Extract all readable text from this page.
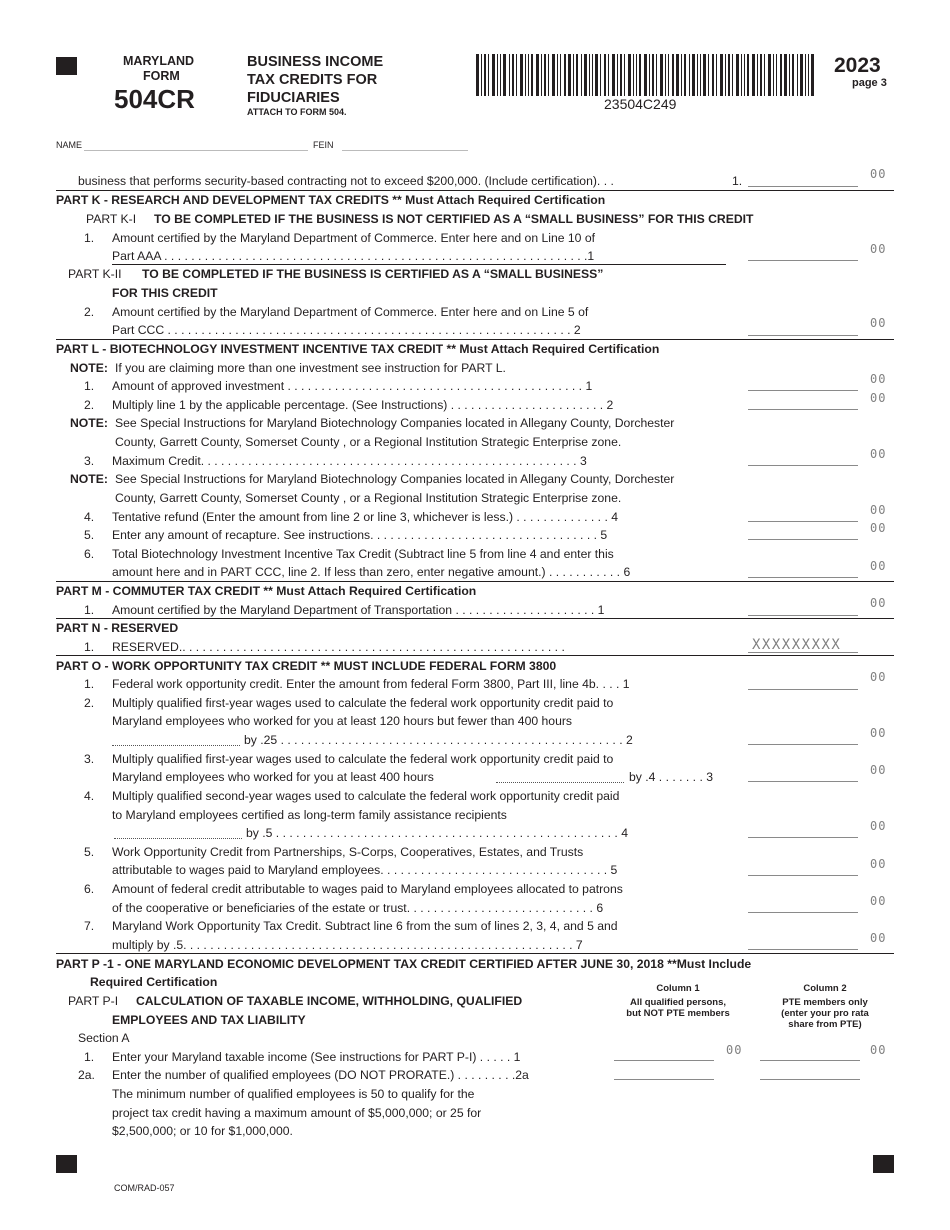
MARYLAND
FORM
504CR
BUSINESS INCOME
TAX CREDITS FOR
FIDUCIARIES
ATTACH TO FORM 504.	23504C249
2023
page 3
NAME	FEIN
business that performs security-based contracting not to exceed $200,000. (Include certification). . .	1.	00
PART K - RESEARCH AND DEVELOPMENT TAX CREDITS ** Must Attach Required Certification
PART K-I TO BE COMPLETED IF THE BUSINESS IS NOT CERTIFIED AS A “SMALL BUSINESS” FOR THIS CREDIT
1. Amount certified by the Maryland Department of Commerce. Enter here and on Line 10 of
Part AAA . . . . . . . . . . . . . . . . . . . . . . . . . . . . . . . . . . . . . . . . . . . . . . . . . . . . . . . . . . . . . . .1	00
PART K-II TO BE COMPLETED IF THE BUSINESS IS CERTIFIED AS A “SMALL BUSINESS”
FOR THIS CREDIT
2. Amount certified by the Maryland Department of Commerce. Enter here and on Line 5 of
Part CCC . . . . . . . . . . . . . . . . . . . . . . . . . . . . . . . . . . . . . . . . . . . . . . . . . . . . . . . . . . . . 2	00
PART L - BIOTECHNOLOGY INVESTMENT INCENTIVE TAX CREDIT ** Must Attach Required Certification
NOTE: If you are claiming more than one investment see instruction for PART L.
1. Amount of approved investment . . . . . . . . . . . . . . . . . . . . . . . . . . . . . . . . . . . . . . . . . . . . 1	00
2. Multiply line 1 by the applicable percentage. (See Instructions) . . . . . . . . . . . . . . . . . . . . . . . 2	00
NOTE: See Special Instructions for Maryland Biotechnology Companies located in Allegany County, Dorchester
County, Garrett County, Somerset County , or a Regional Institution Strategic Enterprise zone.
3. Maximum Credit. . . . . . . . . . . . . . . . . . . . . . . . . . . . . . . . . . . . . . . . . . . . . . . . . . . . . . . . 3	00
NOTE: See Special Instructions for Maryland Biotechnology Companies located in Allegany County, Dorchester
County, Garrett County, Somerset County , or a Regional Institution Strategic Enterprise zone.
4. Tentative refund (Enter the amount from line 2 or line 3, whichever is less.) . . . . . . . . . . . . . . 4	00
5. Enter any amount of recapture. See instructions. . . . . . . . . . . . . . . . . . . . . . . . . . . . . . . . . . 5	00
6. Total Biotechnology Investment Incentive Tax Credit (Subtract line 5 from line 4 and enter this
amount here and in PART CCC, line 2. If less than zero, enter negative amount.) . . . . . . . . . . . 6	00
PART M - COMMUTER TAX CREDIT ** Must Attach Required Certification
1. Amount certified by the Maryland Department of Transportation . . . . . . . . . . . . . . . . . . . . . 1	00
PART N - RESERVED
1. RESERVED.. . . . . . . . . . . . . . . . . . . . . . . . . . . . . . . . . . . . . . . . . . . . . . . . . . . . . . . . .	XXXXXXXXX
PART O - WORK OPPORTUNITY TAX CREDIT ** MUST INCLUDE FEDERAL FORM 3800
1. Federal work opportunity credit. Enter the amount from federal Form 3800, Part III, line 4b. . . . 1	00
2. Multiply qualified first-year wages used to calculate the federal work opportunity credit paid to
Maryland employees who worked for you at least 120 hours but fewer than 400 hours
by .25 . . . . . . . . . . . . . . . . . . . . . . . . . . . . . . . . . . . . . . . . . . . . . . . . . . . 2	00
3. Multiply qualified first-year wages used to calculate the federal work opportunity credit paid to
Maryland employees who worked for you at least 400 hours	by .4 . . . . . . . 3	00
4. Multiply qualified second-year wages used to calculate the federal work opportunity credit paid
to Maryland employees certified as long-term family assistance recipients
by .5 . . . . . . . . . . . . . . . . . . . . . . . . . . . . . . . . . . . . . . . . . . . . . . . . . . . 4	00
5. Work Opportunity Credit from Partnerships, S-Corps, Cooperatives, Estates, and Trusts
attributable to wages paid to Maryland employees. . . . . . . . . . . . . . . . . . . . . . . . . . . . . . . . . . 5	00
6. Amount of federal credit attributable to wages paid to Maryland employees allocated to patrons
of the cooperative or beneficiaries of the estate or trust. . . . . . . . . . . . . . . . . . . . . . . . . . . . 6	00
7. Maryland Work Opportunity Tax Credit. Subtract line 6 from the sum of lines 2, 3, 4, and 5 and
multiply by .5. . . . . . . . . . . . . . . . . . . . . . . . . . . . . . . . . . . . . . . . . . . . . . . . . . . . . . . . . . 7	00
PART P -1 - ONE MARYLAND ECONOMIC DEVELOPMENT TAX CREDIT CERTIFIED AFTER JUNE 30, 2018 **Must Include
Required Certification
PART P-I CALCULATION OF TAXABLE INCOME, WITHHOLDING, QUALIFIED
EMPLOYEES AND TAX LIABILITY
Column 1
All qualified persons,
but NOT PTE members
Column 2
PTE members only
(enter your pro rata
share from PTE)
Section A
1. Enter your Maryland taxable income (See instructions for PART P-I) . . . . . 1	00	00
2a. Enter the number of qualified employees (DO NOT PRORATE.) . . . . . . . . .2a
The minimum number of qualified employees is 50 to qualify for the
project tax credit having a maximum amount of $5,000,000; or 25 for
$2,500,000; or 10 for $1,000,000.
COM/RAD-057
